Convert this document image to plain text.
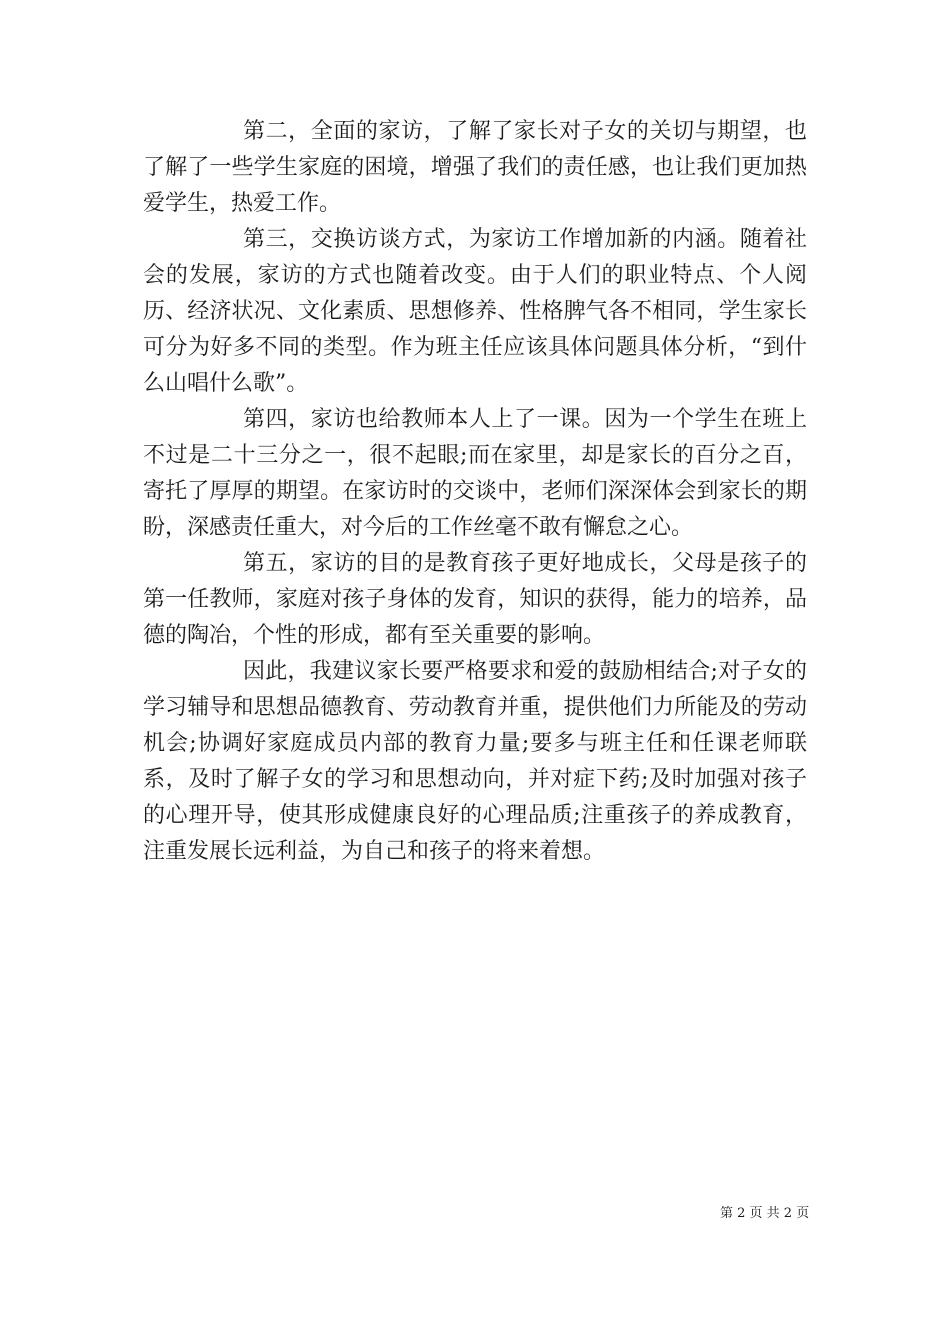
第二，全面的家访，了解了家长对子女的关切与期望，也了解了一些学生家庭的困境，增强了我们的责任感，也让我们更加热爱学生，热爱工作。

第三，交换访谈方式，为家访工作增加新的内涵。随着社会的发展，家访的方式也随着改变。由于人们的职业特点、个人阅历、经济状况、文化素质、思想修养、性格脾气各不相同，学生家长可分为好多不同的类型。作为班主任应该具体问题具体分析，“到什么山唱什么歌”。

第四，家访也给教师本人上了一课。因为一个学生在班上不过是二十三分之一，很不起眼;而在家里，却是家长的百分之百，寄托了厚厚的期望。在家访时的交谈中，老师们深深体会到家长的期盼，深感责任重大，对今后的工作丝毫不敢有懈怠之心。

第五，家访的目的是教育孩子更好地成长，父母是孩子的第一任教师，家庭对孩子身体的发育，知识的获得，能力的培养，品德的陶冶，个性的形成，都有至关重要的影响。

因此，我建议家长要严格要求和爱的鼓励相结合;对子女的学习辅导和思想品德教育、劳动教育并重，提供他们力所能及的劳动机会;协调好家庭成员内部的教育力量;要多与班主任和任课老师联系，及时了解子女的学习和思想动向，并对症下药;及时加强对孩子的心理开导，使其形成健康良好的心理品质;注重孩子的养成教育，注重发展长远利益，为自己和孩子的将来着想。

第 2 页 共 2 页
